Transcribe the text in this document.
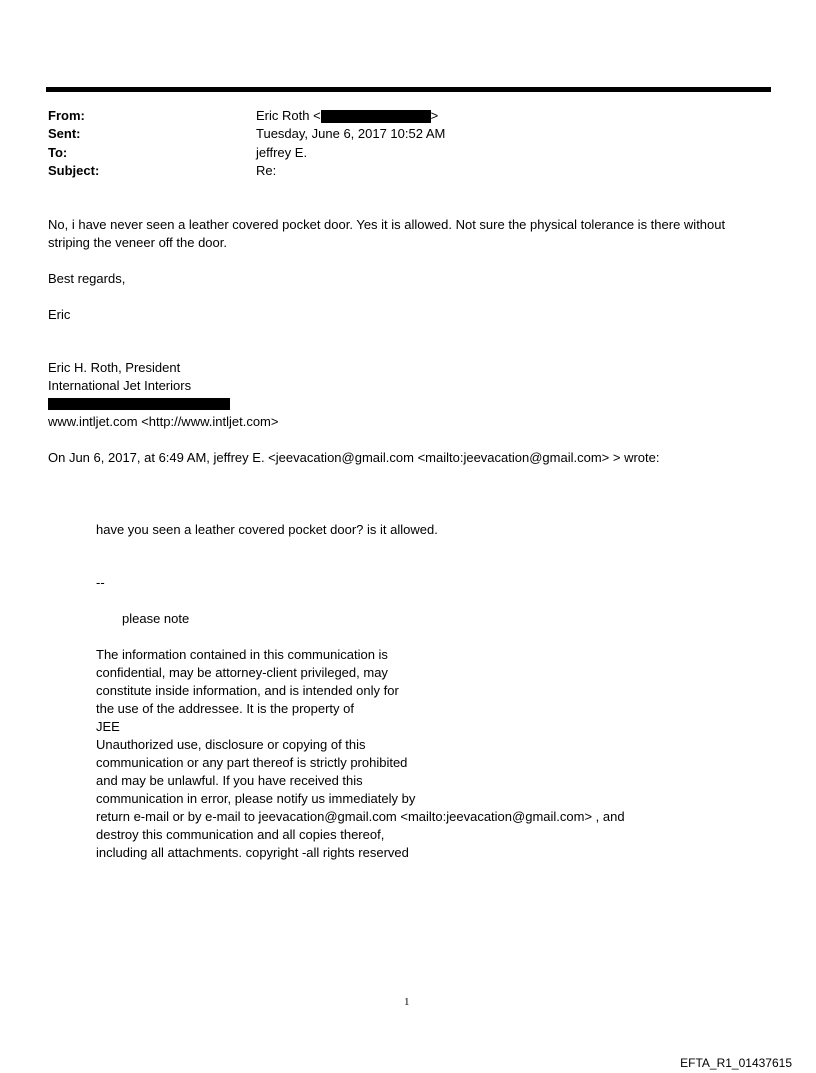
From:	Eric Roth <	>
Sent:	Tuesday, June 6, 2017 10:52 AM
To:	jeffrey E.
Subject:	Re:
No, i have never seen a leather covered pocket door. Yes it is allowed. Not sure the physical tolerance is there without
striping the veneer off the door.
Best regards,
Eric
Eric H. Roth, President
International Jet Interiors
www.intljet.com <http://www.intljet.com>
On Jun 6, 2017, at 6:49 AM, jeffrey E. <jeevacation@gmail.com <mailto:jeevacation@gmail.com> > wrote:
have you seen a leather covered pocket door? is it allowed.
--
please note
The information contained in this communication is
confidential, may be attorney-client privileged, may
constitute inside information, and is intended only for
the use of the addressee. It is the property of
JEE
Unauthorized use, disclosure or copying of this
communication or any part thereof is strictly prohibited
and may be unlawful. If you have received this
communication in error, please notify us immediately by
return e-mail or by e-mail to jeevacation@gmail.com <mailto:jeevacation@gmail.com> , and
destroy this communication and all copies thereof,
including all attachments. copyright -all rights reserved
1
EFTA_R1_01437615
